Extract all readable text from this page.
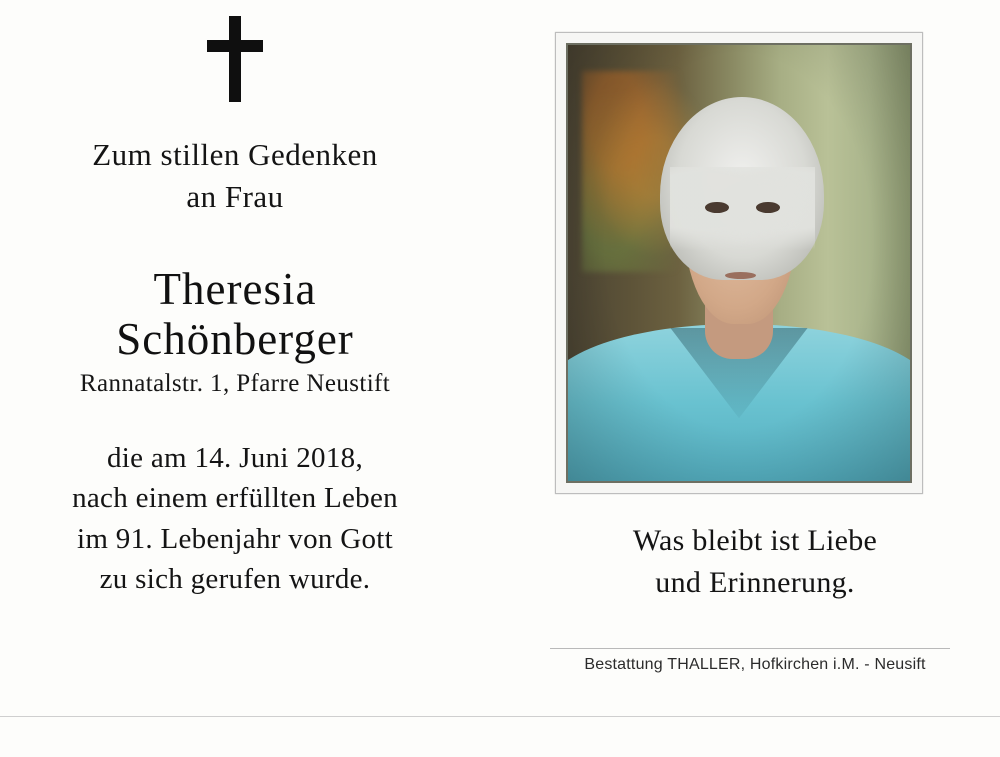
Zum stillen Gedenken
an Frau
Theresia
Schönberger
Rannatalstr. 1, Pfarre Neustift
die am 14. Juni 2018,
nach einem erfüllten Leben
im 91. Lebenjahr von Gott
zu sich gerufen wurde.
Was bleibt ist Liebe
und Erinnerung.
Bestattung THALLER, Hofkirchen i.M. - Neusift
